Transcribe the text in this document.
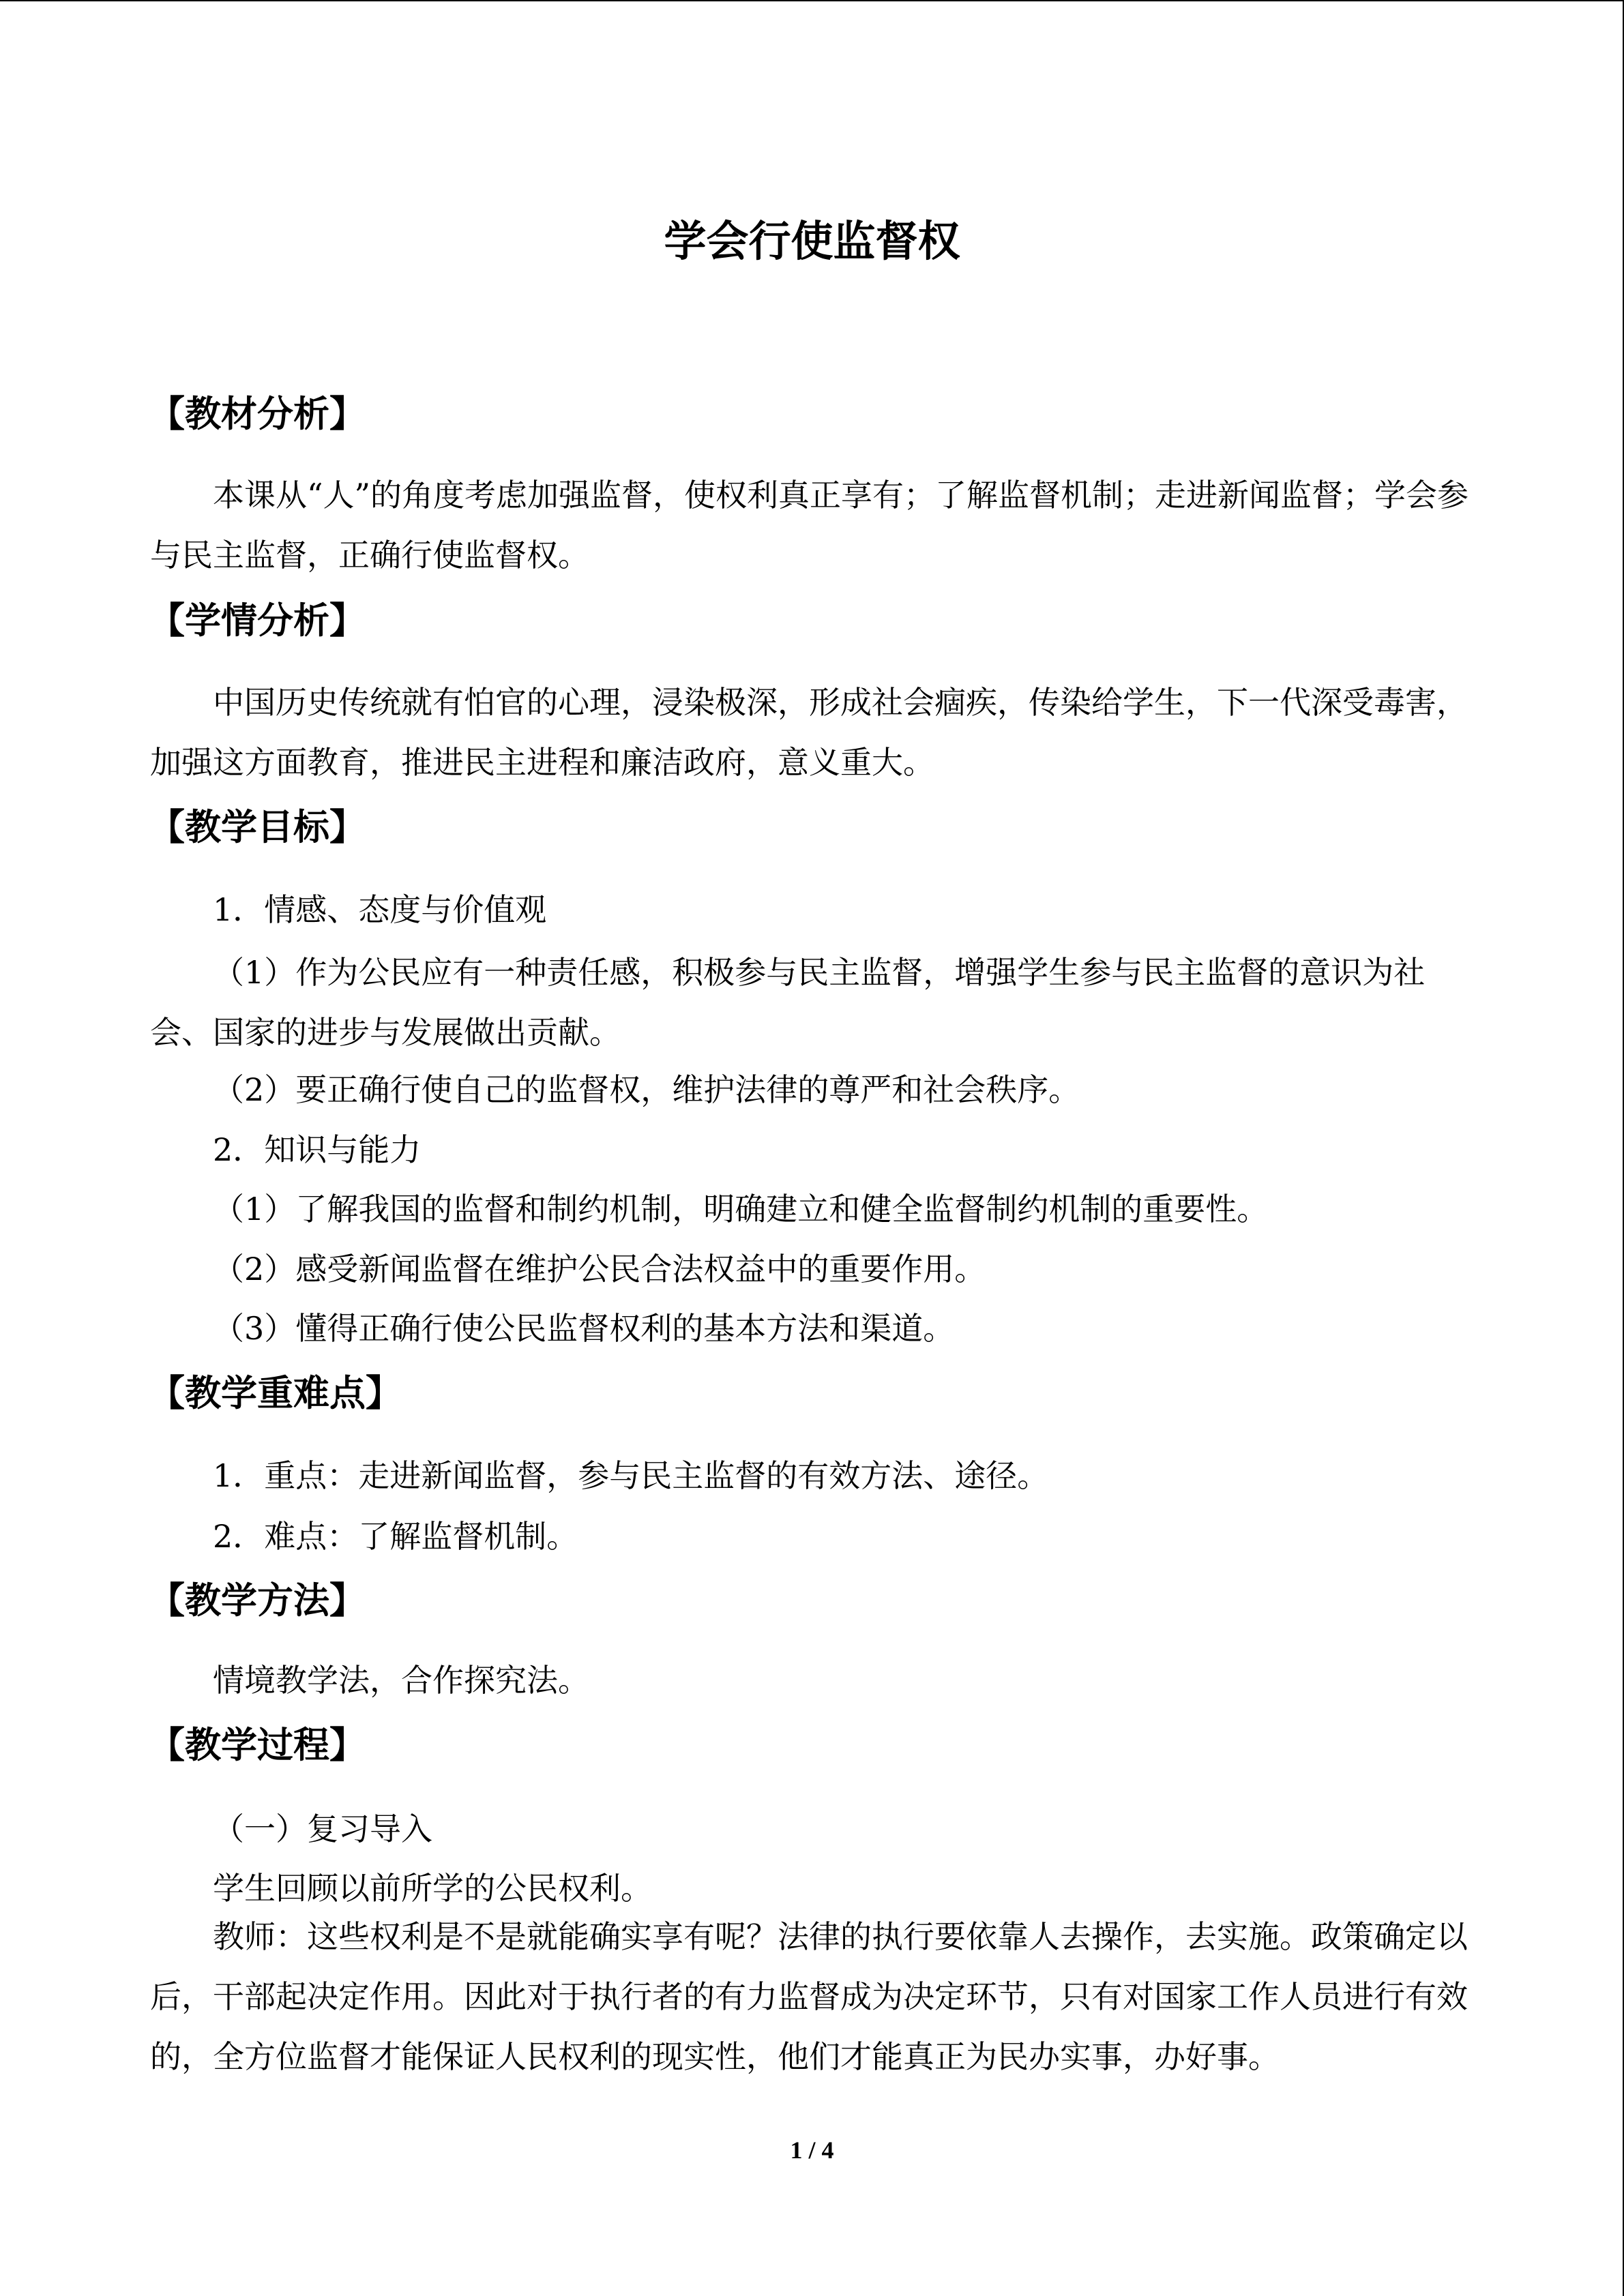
学会行使监督权
【教材分析】

本课从“人”的角度考虑加强监督，使权利真正享有；了解监督机制；走进新闻监督；学会参与民主监督，正确行使监督权。

【学情分析】

中国历史传统就有怕官的心理，浸染极深，形成社会痼疾，传染给学生，下一代深受毒害，加强这方面教育，推进民主进程和廉洁政府，意义重大。

【教学目标】
1．情感、态度与价值观

（1）作为公民应有一种责任感，积极参与民主监督，增强学生参与民主监督的意识为社会、国家的进步与发展做出贡献。

（2）要正确行使自己的监督权，维护法律的尊严和社会秩序。
2．知识与能力
（1）了解我国的监督和制约机制，明确建立和健全监督制约机制的重要性。
（2）感受新闻监督在维护公民合法权益中的重要作用。
（3）懂得正确行使公民监督权利的基本方法和渠道。
【教学重难点】
1．重点：走进新闻监督，参与民主监督的有效方法、途径。
2．难点：了解监督机制。
【教学方法】
情境教学法，合作探究法。
【教学过程】
（一）复习导入
学生回顾以前所学的公民权利。

教师：这些权利是不是就能确实享有呢？法律的执行要依靠人去操作，去实施。政策确定以后，干部起决定作用。因此对于执行者的有力监督成为决定环节，只有对国家工作人员进行有效的，全方位监督才能保证人民权利的现实性，他们才能真正为民办实事，办好事。

1 / 4
